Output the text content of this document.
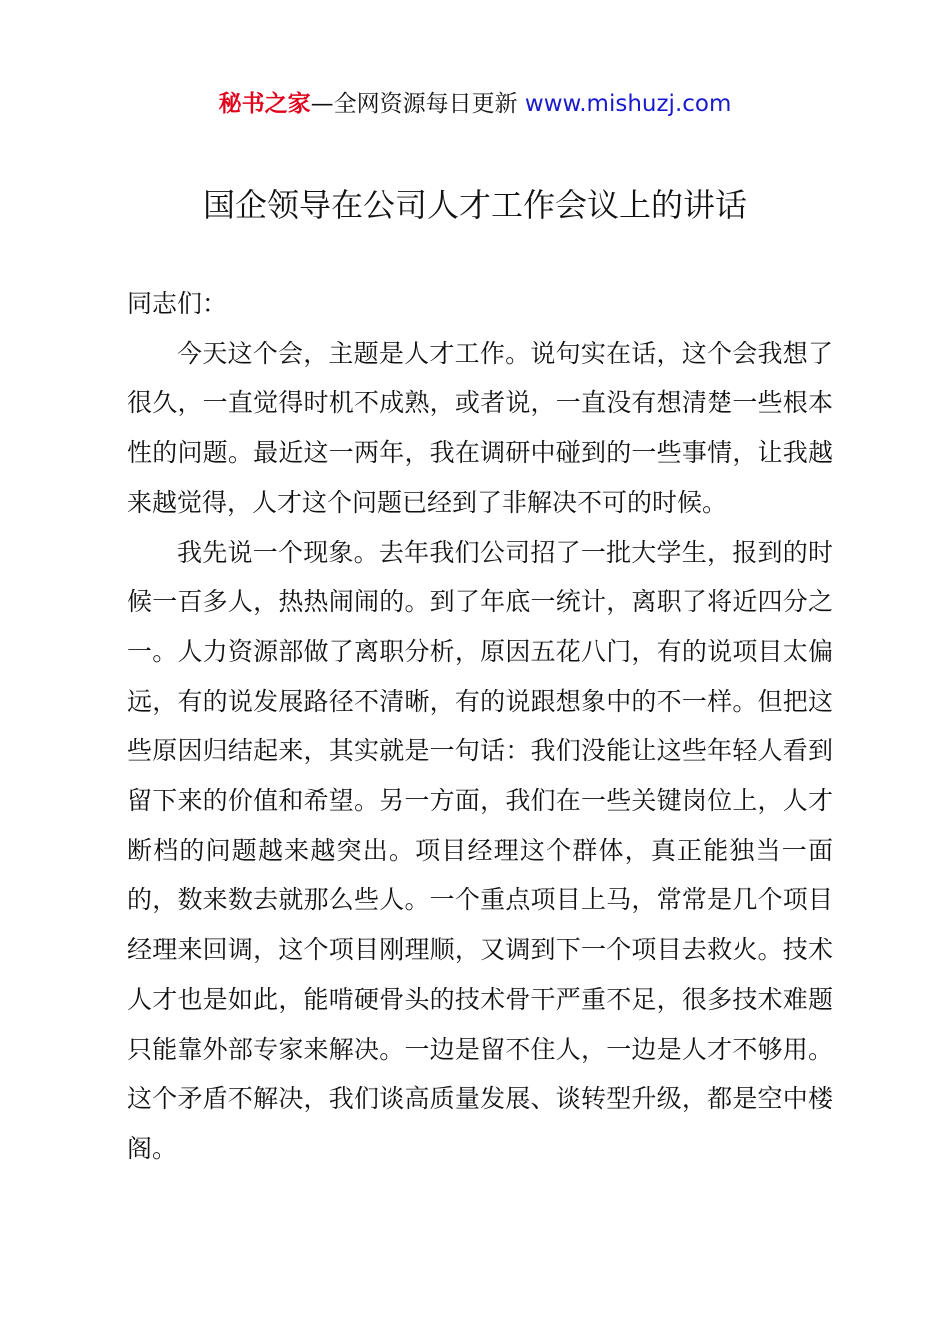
秘书之家—全网资源每日更新 www.mishuzj.com
国企领导在公司人才工作会议上的讲话

同志们：

今天这个会，主题是人才工作。说句实在话，这个会我想了很久，一直觉得时机不成熟，或者说，一直没有想清楚一些根本性的问题。最近这一两年，我在调研中碰到的一些事情，让我越来越觉得，人才这个问题已经到了非解决不可的时候。

我先说一个现象。去年我们公司招了一批大学生，报到的时候一百多人，热热闹闹的。到了年底一统计，离职了将近四分之一。人力资源部做了离职分析，原因五花八门，有的说项目太偏远，有的说发展路径不清晰，有的说跟想象中的不一样。但把这些原因归结起来，其实就是一句话：我们没能让这些年轻人看到留下来的价值和希望。另一方面，我们在一些关键岗位上，人才断档的问题越来越突出。项目经理这个群体，真正能独当一面的，数来数去就那么些人。一个重点项目上马，常常是几个项目经理来回调，这个项目刚理顺，又调到下一个项目去救火。技术人才也是如此，能啃硬骨头的技术骨干严重不足，很多技术难题只能靠外部专家来解决。一边是留不住人，一边是人才不够用。这个矛盾不解决，我们谈高质量发展、谈转型升级，都是空中楼阁。
